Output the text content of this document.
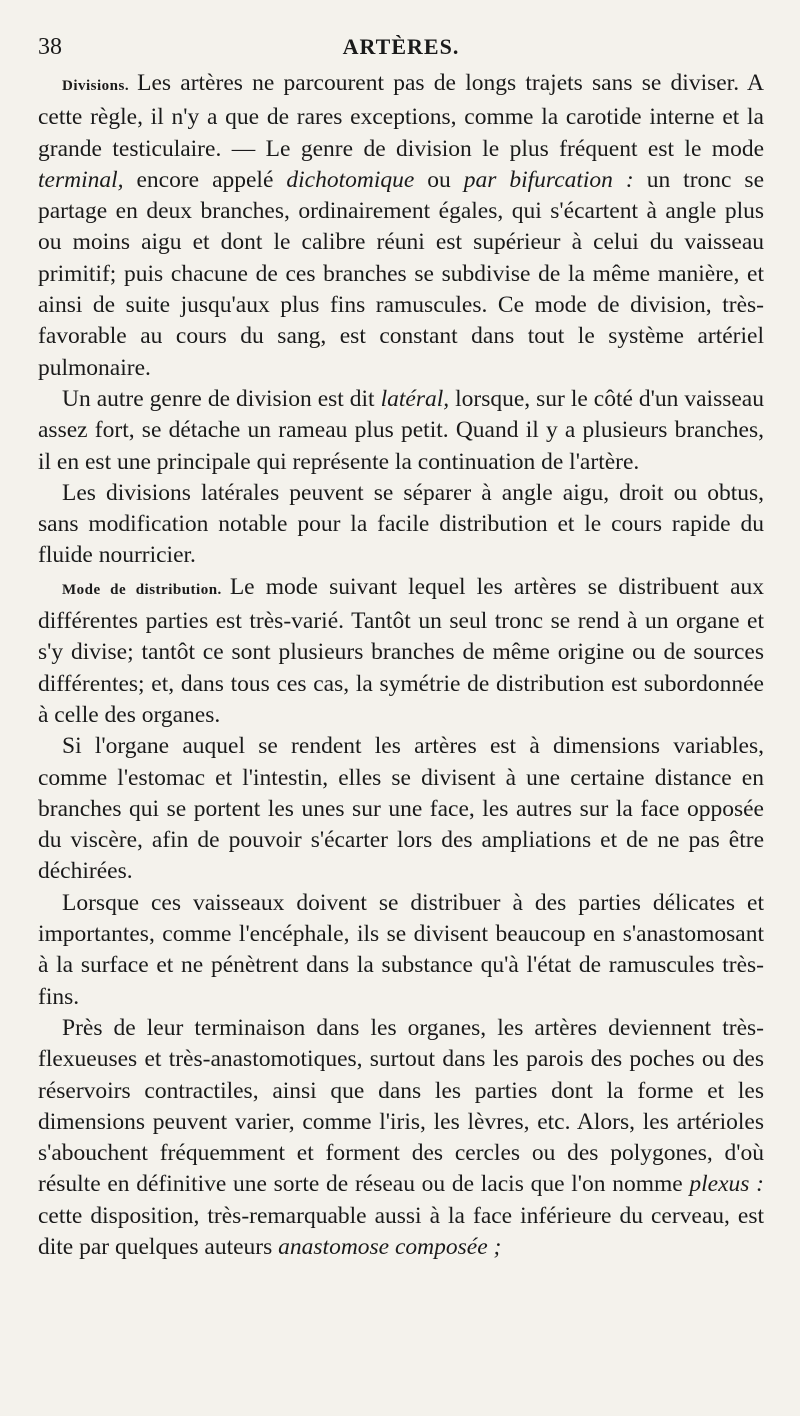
38	ARTÈRES.

Divisions. Les artères ne parcourent pas de longs trajets sans se diviser. A cette règle, il n'y a que de rares exceptions, comme la carotide interne et la grande testiculaire. — Le genre de division le plus fréquent est le mode terminal, encore appelé dichotomique ou par bifurcation : un tronc se partage en deux branches, ordinairement égales, qui s'écartent à angle plus ou moins aigu et dont le calibre réuni est supérieur à celui du vaisseau primitif; puis chacune de ces branches se subdivise de la même manière, et ainsi de suite jusqu'aux plus fins ramuscules. Ce mode de division, très-favorable au cours du sang, est constant dans tout le système artériel pulmonaire.

Un autre genre de division est dit latéral, lorsque, sur le côté d'un vaisseau assez fort, se détache un rameau plus petit. Quand il y a plusieurs branches, il en est une principale qui représente la continuation de l'artère.

Les divisions latérales peuvent se séparer à angle aigu, droit ou obtus, sans modification notable pour la facile distribution et le cours rapide du fluide nourricier.

Mode de distribution. Le mode suivant lequel les artères se distribuent aux différentes parties est très-varié. Tantôt un seul tronc se rend à un organe et s'y divise; tantôt ce sont plusieurs branches de même origine ou de sources différentes; et, dans tous ces cas, la symétrie de distribution est subordonnée à celle des organes.

Si l'organe auquel se rendent les artères est à dimensions variables, comme l'estomac et l'intestin, elles se divisent à une certaine distance en branches qui se portent les unes sur une face, les autres sur la face opposée du viscère, afin de pouvoir s'écarter lors des ampliations et de ne pas être déchirées.

Lorsque ces vaisseaux doivent se distribuer à des parties délicates et importantes, comme l'encéphale, ils se divisent beaucoup en s'anastomosant à la surface et ne pénètrent dans la substance qu'à l'état de ramuscules très-fins.

Près de leur terminaison dans les organes, les artères deviennent très-flexueuses et très-anastomotiques, surtout dans les parois des poches ou des réservoirs contractiles, ainsi que dans les parties dont la forme et les dimensions peuvent varier, comme l'iris, les lèvres, etc. Alors, les artérioles s'abouchent fréquemment et forment des cercles ou des polygones, d'où résulte en définitive une sorte de réseau ou de lacis que l'on nomme plexus : cette disposition, très-remarquable aussi à la face inférieure du cerveau, est dite par quelques auteurs anastomose composée ;
